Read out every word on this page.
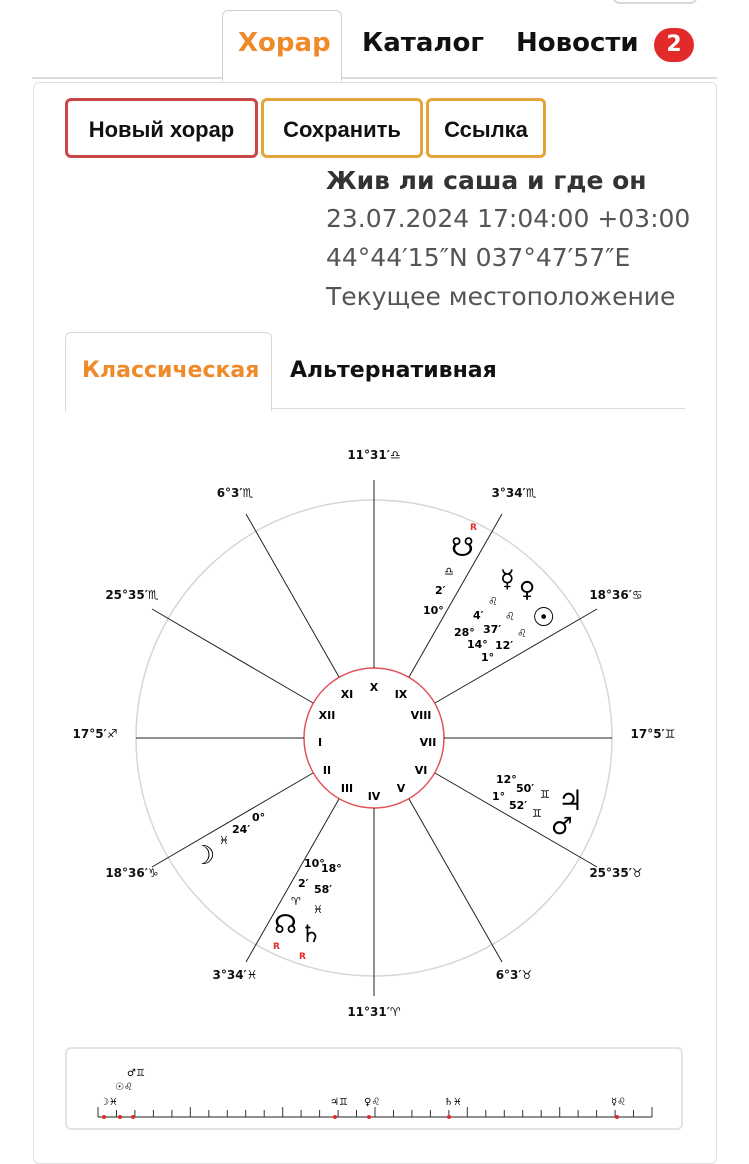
Хорар Каталог Новости	2
Новый хорар	Сохранить	Ссылка
Жив ли саша и где он
23.07.2024 17:04:00 +03:00
44°44′15″N 037°47′57″E
Текущее местоположение
Классическая Альтернативная
11°31′♎
3°34′♏
18°36′♋
17°5′♊
25°35′♉
6°3′♉
11°31′♈
3°34′♓
18°36′♑
17°5′♐
25°35′♏
6°3′♏
I
II
III
IV
V
VI
VII
VIII
IX
X
XI
XII
R
☋
♎
2′
10°
☿ ♀
☉
♌
♌
♌
4′
37′
12′
28°
14°
1°
♃
♂
♊
♊
50′
52′
12°
1°
☽
♓
24′
0°
10°
18°
2′ 58′
♈
♓
☊ ♄
R
R
♂♊
☉♌
☽♓	♃♊ ♀♌	♄♓	☿♌
